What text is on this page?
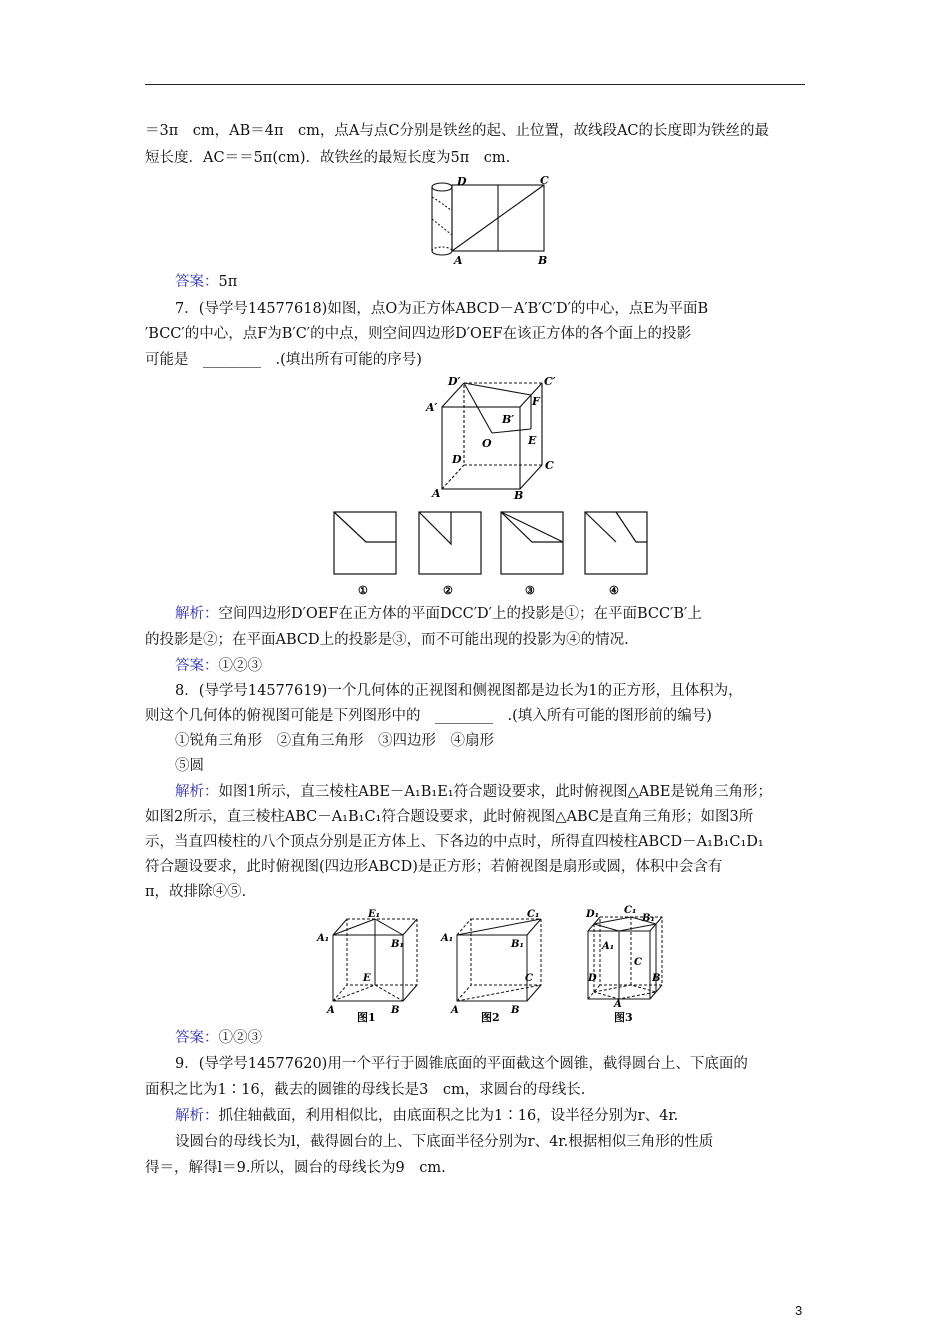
＝3π　cm，AB＝4π　cm，点A与点C分别是铁丝的起、止位置，故线段AC的长度即为铁丝的最
短长度．AC＝＝5π(cm)．故铁丝的最短长度为5π　cm.
D	C
A	B
答案：5π
7．(导学号14577618)如图，点O为正方体ABCD－A′B′C′D′的中心，点E为平面B
′BCC′的中心，点F为B′C′的中点，则空间四边形D′OEF在该正方体的各个面上的投影
可能是　________　.(填出所有可能的序号)
D′	C′
A′	F
B′
O	E
D	C
A	B
①	②	③	④
解析：空间四边形D′OEF在正方体的平面DCC′D′上的投影是①；在平面BCC′B′上
的投影是②；在平面ABCD上的投影是③，而不可能出现的投影为④的情况.
答案：①②③
8．(导学号14577619)一个几何体的正视图和侧视图都是边长为1的正方形，且体积为，
则这个几何体的俯视图可能是下列图形中的　________　.(填入所有可能的图形前的编号)
①锐角三角形　②直角三角形　③四边形　④扇形
⑤圆
解析：如图1所示，直三棱柱ABE－A₁B₁E₁符合题设要求，此时俯视图△ABE是锐角三角形；
如图2所示，直三棱柱ABC－A₁B₁C₁符合题设要求，此时俯视图△ABC是直角三角形；如图3所
示，当直四棱柱的八个顶点分别是正方体上、下各边的中点时，所得直四棱柱ABCD－A₁B₁C₁D₁
符合题设要求，此时俯视图(四边形ABCD)是正方形；若俯视图是扇形或圆，体积中会含有
π，故排除④⑤.
E₁
A₁
B₁
E
A	B
图1
C₁
A₁
B₁
C
A	B
图2
D₁ C₁
B₁
A₁
D
C
A
B
图3
答案：①②③
9．(导学号14577620)用一个平行于圆锥底面的平面截这个圆锥，截得圆台上、下底面的
面积之比为1∶16，截去的圆锥的母线长是3　cm，求圆台的母线长.
解析：抓住轴截面，利用相似比，由底面积之比为1∶16，设半径分别为r、4r.
设圆台的母线长为l，截得圆台的上、下底面半径分别为r、4r.根据相似三角形的性质
得＝，解得l＝9.所以，圆台的母线长为9　cm.
3
